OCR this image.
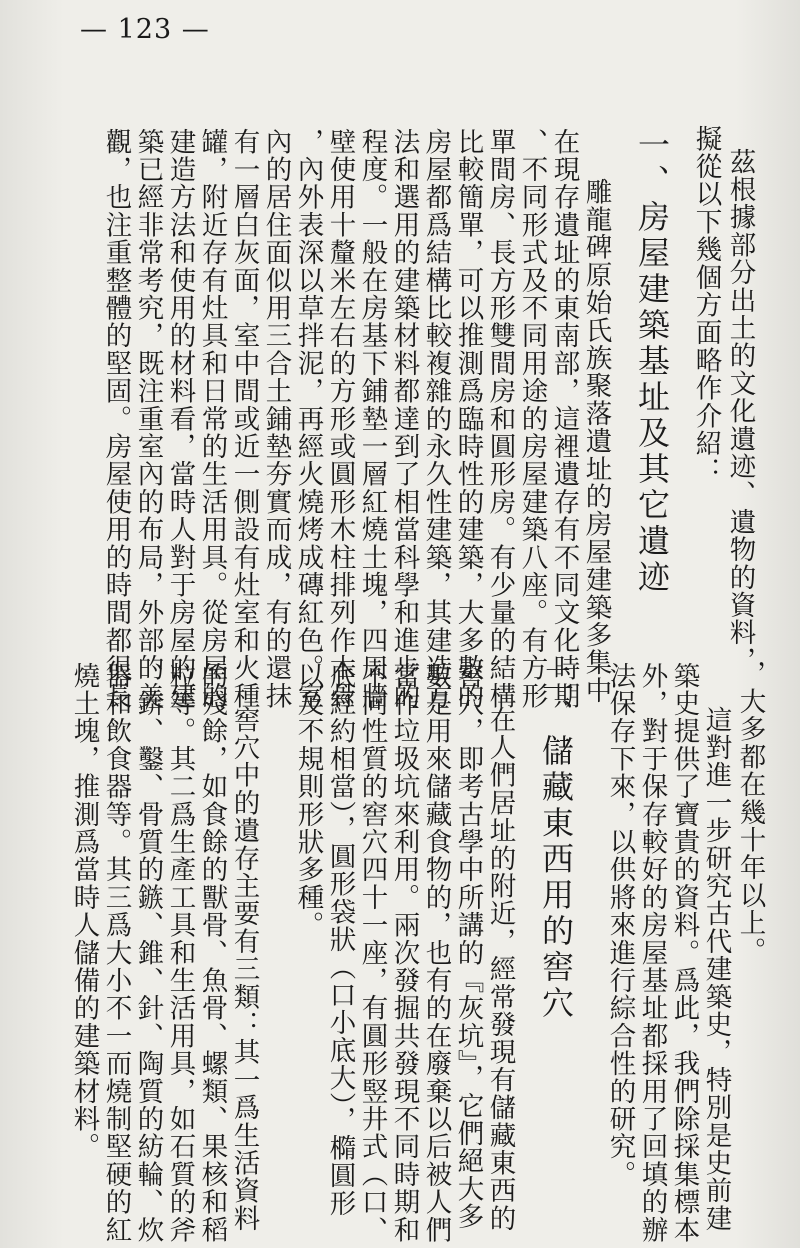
— 123 —
茲根據部分出土的文化遺迹、遺物的資料，
擬從以下幾個方面略作介紹：
一、房屋建築基址及其它遺迹
雕龍碑原始氏族聚落遺址的房屋建築多集中
在現存遺址的東南部，這裡遺存有不同文化時期
、不同形式及不同用途的房屋建築八座。有方形
單間房、長方形雙間房和圓形房。有少量的結構
比較簡單，可以推測爲臨時性的建築，大多數的
房屋都爲結構比較複雜的永久性建築，其建造方
法和選用的建築材料都達到了相當科學和進步的
程度。一般在房基下鋪墊一層紅燒土塊，四周牆
壁使用十釐米左右的方形或圓形木柱排列作木骨
，內外表深以草拌泥，再經火燒烤成磚紅色。室
內的居住面似用三合土鋪墊夯實而成，有的還抹
有一層白灰面，室中間或近一側設有灶室和火種
罐，附近存有灶具和日常的生活用具。從房屋的
建造方法和使用的材料看，當時人對于房屋的建
築已經非常考究，既注重室內的布局，外部的美
觀，也注重整體的堅固。房屋使用的時間都很長
，大多都在幾十年以上。
這對進一步研究古代建築史，特別是史前建
築史提供了寶貴的資料。爲此，我們除採集標本
外，對于保存較好的房屋基址都採用了回填的辦
法保存下來，以供將來進行綜合性的研究。
二、儲藏東西用的窖穴
在人們居址的附近，經常發現有儲藏東西的
窖穴，即考古學中所講的『灰坑』，它們絕大多
數是用來儲藏食物的，也有的在廢棄以后被人們
當作垃圾坑來利用。兩次發掘共發現不同時期和
不同性質的窖穴四十一座，有圓形竪井式（口、
底經約相當），圓形袋狀（口小底大），橢圓形
以及不規則形狀多種。
窖穴中的遺存主要有三類：其一爲生活資料
的殘餘，如食餘的獸骨、魚骨、螺類、果核和稻
粒等。其二爲生產工具和生活用具，如石質的斧
、錛、鑿、骨質的鏃、錐、針、陶質的紡輪、炊
器和飲食器等。其三爲大小不一而燒制堅硬的紅
燒土塊，推測爲當時人儲備的建築材料。
